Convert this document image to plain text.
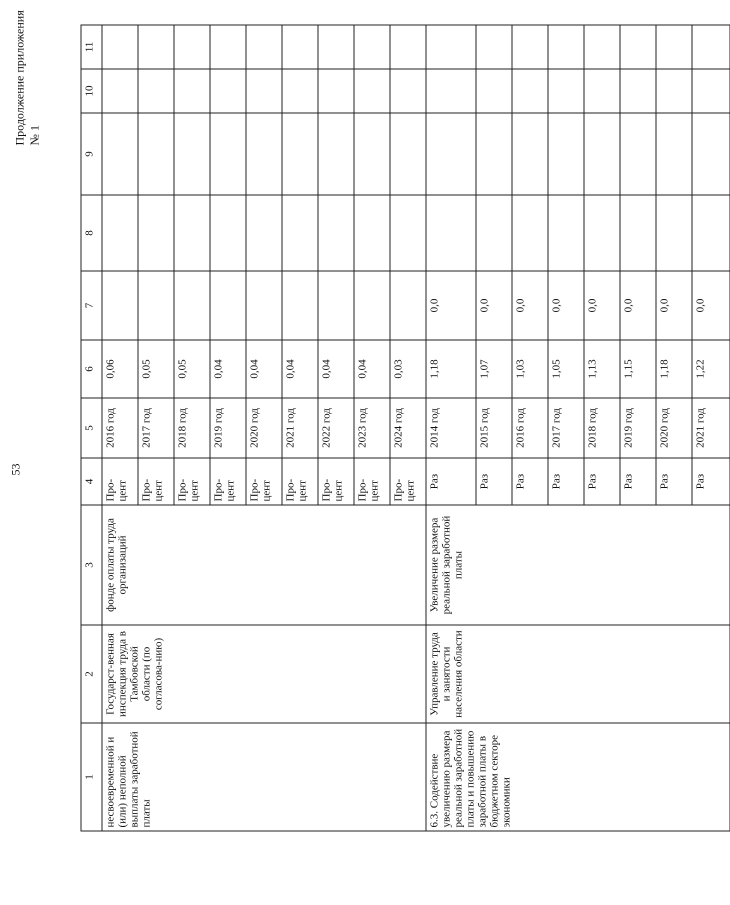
53
Продолжение приложения № 1
1	2	3	4	5	6	7	8	9	10	11
несвоевременной и (или) неполной выплаты заработной платы	Государст-венная инспекция труда в Тамбовской области (по согласова-нию)	фонде оплаты труда организаций	Про-цент	2016 год	0,06					
			Про-цент	2017 год	0,05					
			Про-цент	2018 год	0,05					
			Про-цент	2019 год	0,04					
			Про-цент	2020 год	0,04					
			Про-цент	2021 год	0,04					
			Про-цент	2022 год	0,04					
			Про-цент	2023 год	0,04					
			Про-цент	2024 год	0,03					
6.3. Содействие увеличению размера реальной заработной платы и повышению заработной платы в бюджетном секторе экономики	Управление труда и занятости населения области	Увеличение размера реальной заработной платы	Раз	2014 год	1,18	0,0				
			Раз	2015 год	1,07	0,0				
			Раз	2016 год	1,03	0,0				
			Раз	2017 год	1,05	0,0				
			Раз	2018 год	1,13	0,0				
			Раз	2019 год	1,15	0,0				
			Раз	2020 год	1,18	0,0				
			Раз	2021 год	1,22	0,0				
